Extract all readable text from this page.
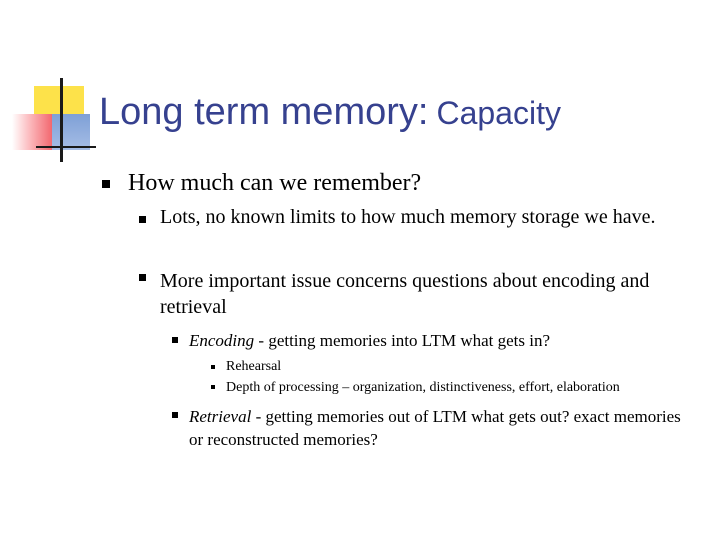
Long term memory: Capacity

How much can we remember?

Lots, no known limits to how much memory storage we have.

More important issue concerns questions about encoding and retrieval

Encoding - getting memories into LTM what gets in?

Rehearsal

Depth of processing – organization, distinctiveness, effort, elaboration

Retrieval - getting memories out of LTM what gets out? exact memories or reconstructed memories?
